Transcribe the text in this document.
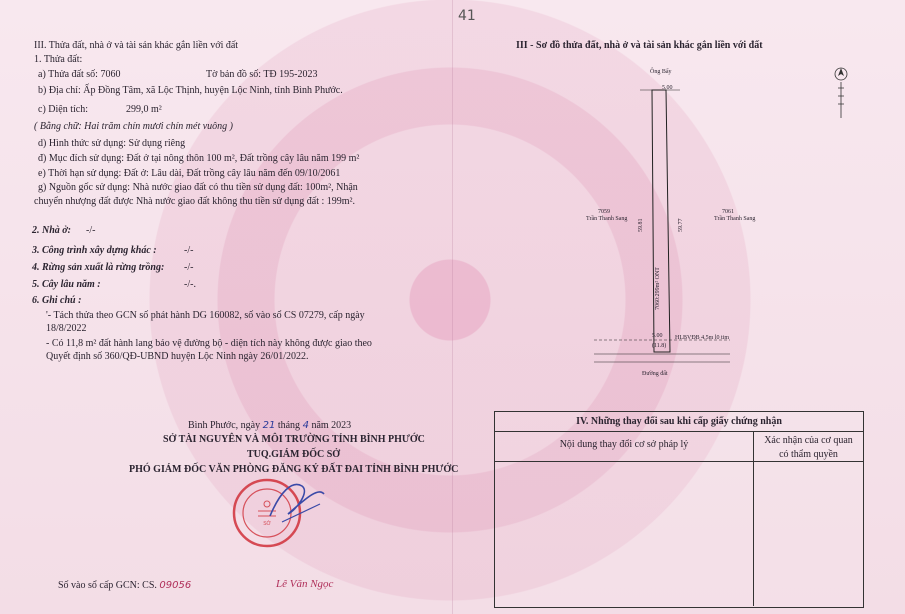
III. Thửa đất, nhà ở và tài sản khác gắn liền với đất
1. Thửa đất:
a) Thửa đất số: 7060	Tờ bản đồ số: TĐ 195-2023
b) Địa chỉ: Ấp Đồng Tâm, xã Lộc Thịnh, huyện Lộc Ninh, tỉnh Bình Phước.
c) Diện tích:	299,0 m²
( Bằng chữ: Hai trăm chín mươi chín mét vuông )
d) Hình thức sử dụng: Sử dụng riêng
đ) Mục đích sử dụng: Đất ở tại nông thôn 100 m², Đất trồng cây lâu năm 199 m²
e) Thời hạn sử dụng: Đất ở: Lâu dài, Đất trồng cây lâu năm đến 09/10/2061
g) Nguồn gốc sử dụng: Nhà nước giao đất có thu tiền sử dụng đất: 100m², Nhận
chuyển nhượng đất được Nhà nước giao đất không thu tiền sử dụng đất : 199m².
2. Nhà ở: -/-
3. Công trình xây dựng khác :	-/-
4. Rừng sản xuất là rừng trồng: -/-
5. Cây lâu năm :	-/-.
6. Ghi chú :
'- Tách thửa theo GCN số phát hành DG 160082, số vào sổ CS 07279, cấp ngày
18/8/2022
- Có 11,8 m² đất hành lang bảo vệ đường bộ - diện tích này không được giao theo
Quyết định số 360/QĐ-UBND huyện Lộc Ninh ngày 26/01/2022.
Bình Phước, ngày 21 tháng 4 năm 2023
SỞ TÀI NGUYÊN VÀ MÔI TRƯỜNG TỈNH BÌNH PHƯỚC
TUQ.GIÁM ĐỐC SỞ
PHÓ GIÁM ĐỐC VĂN PHÒNG ĐĂNG KÝ ĐẤT ĐAI TỈNH BÌNH PHƯỚC
SỞ
Lê Văn Ngọc
Số vào sổ cấp GCN: CS. 09056
41
III - Sơ đồ thửa đất, nhà ở và tài sản khác gắn liền với đất
Ông Bẩy
5.00
7059
Trần Thanh Sang
7061
Trần Thanh Sang
59.81	59.77
7060:299m² ONT
5.00
(11.8)
HLBVĐB 4.5m l0 tim
Đường đất
IV. Những thay đổi sau khi cấp giấy chứng nhận
Nội dung thay đổi cơ sở pháp lý	Xác nhận của cơ quan
có thẩm quyền
